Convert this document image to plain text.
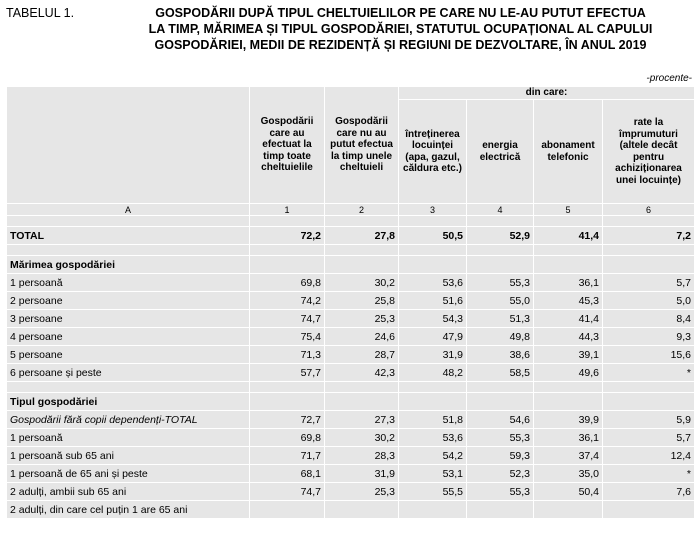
TABELUL 1.	GOSPODĂRII DUPĂ TIPUL CHELTUIELILOR PE CARE NU LE-AU PUTUT EFECTUA
LA TIMP, MĂRIMEA ȘI TIPUL GOSPODĂRIEI, STATUTUL OCUPAȚIONAL AL CAPULUI
GOSPODĂRIEI, MEDII DE REZIDENȚĂ ȘI REGIUNI DE DEZVOLTARE, ÎN ANUL 2019
-procente-
	Gospodării care au efectuat la timp toate cheltuielile	Gospodării care nu au putut efectua la timp unele cheltuieli	din care:			
			întreținerea locuinței (apa, gazul, căldura etc.)	energia electrică	abonament telefonic	rate la împrumuturi (altele decât pentru achiziționarea unei locuințe)
A	1	2	3	4	5	6

TOTAL	72,2	27,8	50,5	52,9	41,4	7,2

Mărimea gospodăriei						
1 persoană	69,8	30,2	53,6	55,3	36,1	5,7
2 persoane	74,2	25,8	51,6	55,0	45,3	5,0
3 persoane	74,7	25,3	54,3	51,3	41,4	8,4
4 persoane	75,4	24,6	47,9	49,8	44,3	9,3
5 persoane	71,3	28,7	31,9	38,6	39,1	15,6
6 persoane și peste	57,7	42,3	48,2	58,5	49,6	*

Tipul gospodăriei						
Gospodării fără copii dependenți-TOTAL	72,7	27,3	51,8	54,6	39,9	5,9
1 persoană	69,8	30,2	53,6	55,3	36,1	5,7
1 persoană sub 65 ani	71,7	28,3	54,2	59,3	37,4	12,4
1 persoană de 65 ani și peste	68,1	31,9	53,1	52,3	35,0	*
2 adulți, ambii sub 65 ani	74,7	25,3	55,5	55,3	50,4	7,6
2 adulți, din care cel puțin 1 are 65 ani						
